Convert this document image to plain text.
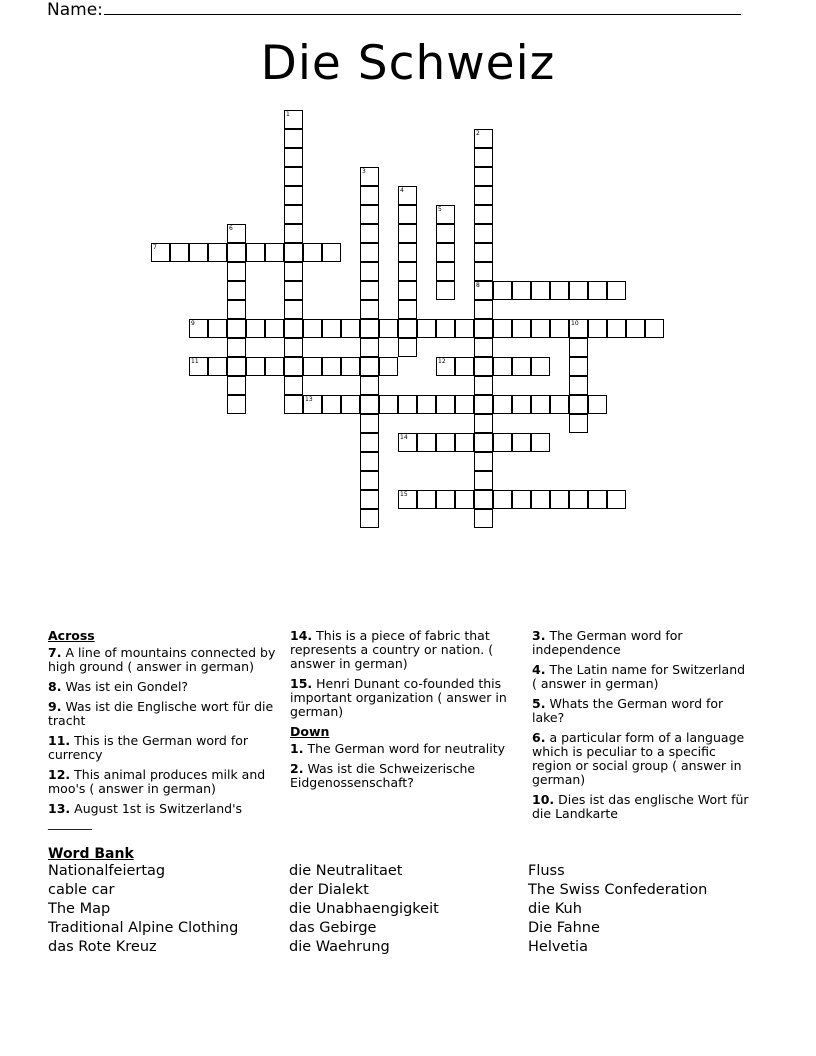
Name:
Die Schweiz
1
2
8
3
4
5
6
7
9	10
11	12
13
14
15
Across
7. A line of mountains connected by high ground ( answer in german)
8. Was ist ein Gondel?
9. Was ist die Englische wort für die tracht
11. This is the German word for currency
12. This animal produces milk and moo's ( answer in german)
13. August 1st is Switzerland's _______
14. This is a piece of fabric that represents a country or nation. ( answer in german)
15. Henri Dunant co-founded this important organization ( answer in german)
Down
1. The German word for neutrality
2. Was ist die Schweizerische Eidgenossenschaft?
3. The German word for independence
4. The Latin name for Switzerland ( answer in german)
5. Whats the German word for lake?
6. a particular form of a language which is peculiar to a specific region or social group ( answer in german)
10. Dies ist das englische Wort für die Landkarte
Word Bank
Nationalfeiertag
cable car
The Map
Traditional Alpine Clothing
das Rote Kreuz
die Neutralitaet
der Dialekt
die Unabhaengigkeit
das Gebirge
die Waehrung
Fluss
The Swiss Confederation
die Kuh
Die Fahne
Helvetia
